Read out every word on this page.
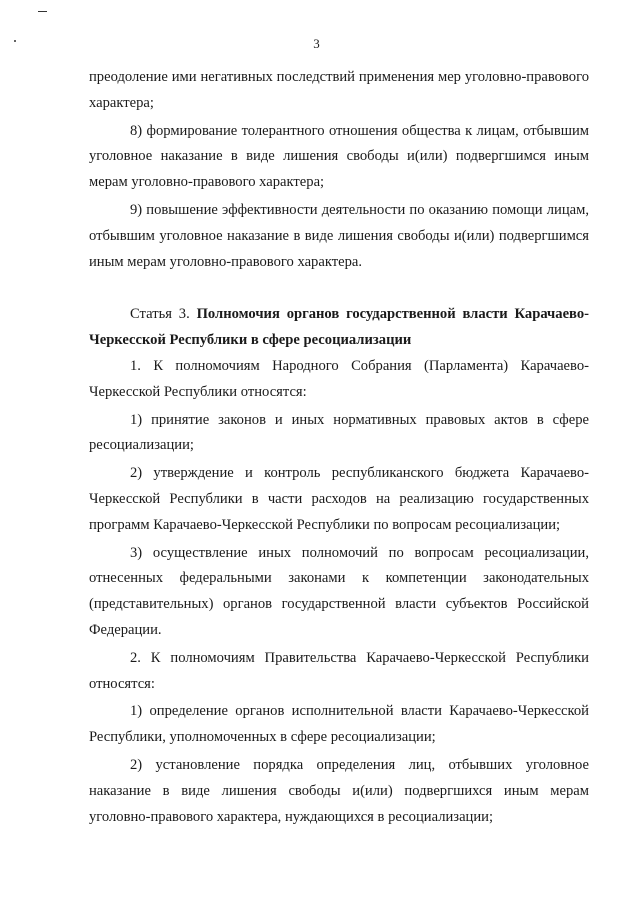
3

преодоление ими негативных последствий применения мер уголовно-правового характера;

8) формирование толерантного отношения общества к лицам, отбывшим уголовное наказание в виде лишения свободы и(или) подвергшимся иным мерам уголовно-правового характера;

9) повышение эффективности деятельности по оказанию помощи лицам, отбывшим уголовное наказание в виде лишения свободы и(или) подвергшимся иным мерам уголовно-правового характера.

Статья 3. Полномочия органов государственной власти Карачаево-Черкесской Республики в сфере ресоциализации

1. К полномочиям Народного Собрания (Парламента) Карачаево-Черкесской Республики относятся:

1) принятие законов и иных нормативных правовых актов в сфере ресоциализации;

2) утверждение и контроль республиканского бюджета Карачаево-Черкесской Республики в части расходов на реализацию государственных программ Карачаево-Черкесской Республики по вопросам ресоциализации;

3) осуществление иных полномочий по вопросам ресоциализации, отнесенных федеральными законами к компетенции законодательных (представительных) органов государственной власти субъектов Российской Федерации.

2. К полномочиям Правительства Карачаево-Черкесской Республики относятся:

1) определение органов исполнительной власти Карачаево-Черкесской Республики, уполномоченных в сфере ресоциализации;

2) установление порядка определения лиц, отбывших уголовное наказание в виде лишения свободы и(или) подвергшихся иным мерам уголовно-правового характера, нуждающихся в ресоциализации;
